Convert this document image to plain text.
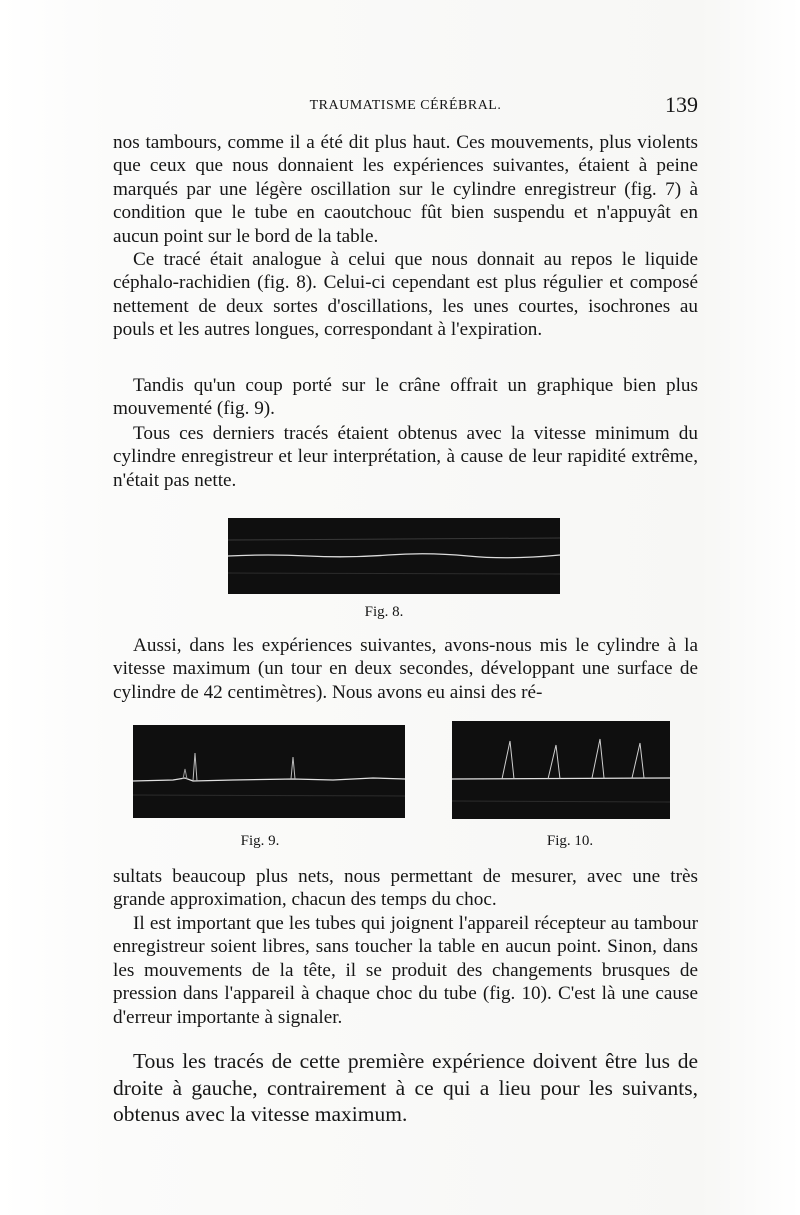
TRAUMATISME CÉRÉBRAL.	139

nos tambours, comme il a été dit plus haut. Ces mouvements, plus violents que ceux que nous donnaient les expériences suivantes, étaient à peine marqués par une légère oscillation sur le cylindre enregistreur (fig. 7) à condition que le tube en caoutchouc fût bien suspendu et n'appuyât en aucun point sur le bord de la table.

Ce tracé était analogue à celui que nous donnait au repos le liquide céphalo-rachidien (fig. 8). Celui-ci cependant est plus régulier et composé nettement de deux sortes d'oscillations, les unes courtes, isochrones au pouls et les autres longues, correspondant à l'expiration.

Tandis qu'un coup porté sur le crâne offrait un graphique bien plus mouvementé (fig. 9).

Tous ces derniers tracés étaient obtenus avec la vitesse minimum du cylindre enregistreur et leur interprétation, à cause de leur rapidité extrême, n'était pas nette.

Fig. 8.

Aussi, dans les expériences suivantes, avons-nous mis le cylindre à la vitesse maximum (un tour en deux secondes, développant une surface de cylindre de 42 centimètres). Nous avons eu ainsi des ré-

Fig. 9.	Fig. 10.

sultats beaucoup plus nets, nous permettant de mesurer, avec une très grande approximation, chacun des temps du choc.

Il est important que les tubes qui joignent l'appareil récepteur au tambour enregistreur soient libres, sans toucher la table en aucun point. Sinon, dans les mouvements de la tête, il se produit des changements brusques de pression dans l'appareil à chaque choc du tube (fig. 10). C'est là une cause d'erreur importante à signaler.

Tous les tracés de cette première expérience doivent être lus de droite à gauche, contrairement à ce qui a lieu pour les suivants, obtenus avec la vitesse maximum.
